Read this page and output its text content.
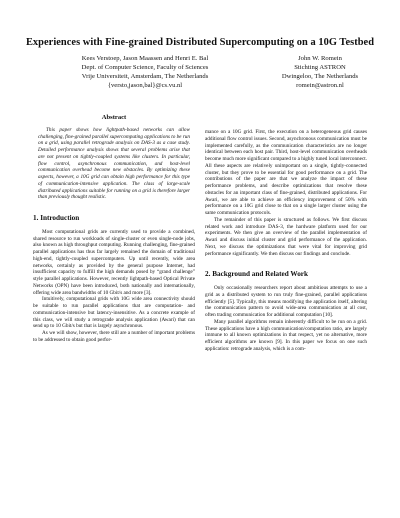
Experiences with Fine-grained Distributed Supercomputing on a 10G Testbed
Kees Verstoep, Jason Maassen and Henri E. Bal
Dept. of Computer Science, Faculty of Sciences
Vrije Universiteit, Amsterdam, The Netherlands
{versto,jason,bal}@cs.vu.nl
John W. Romein
Stichting ASTRON
Dwingeloo, The Netherlands
romein@astron.nl
Abstract

This paper shows how lightpath-based networks can allow challenging, fine-grained parallel supercomputing applications to be run on a grid, using parallel retrograde analysis on DAS-3 as a case study. Detailed performance analysis shows that several problems arise that are not present on tightly-coupled systems like clusters. In particular, flow control, asynchronous communication, and host-level communication overhead become new obstacles. By optimizing these aspects, however, a 10G grid can obtain high performance for this type of communication-intensive application. The class of large-scale distributed applications suitable for running on a grid is therefore larger than previously thought realistic.

1. Introduction

Most computational grids are currently used to provide a combined, shared resource to run workloads of single-cluster or even single-node jobs, also known as high throughput computing. Running challenging, fine-grained parallel applications has thus far largely remained the domain of traditional high-end, tightly-coupled supercomputers. Up until recently, wide area networks, certainly as provided by the general purpose Internet, had insufficient capacity to fulfill the high demands posed by “grand challenge” style parallel applications. However, recently lightpath-based Optical Private Networks (OPN) have been introduced, both nationally and internationally, offering wide area bandwidths of 10 Gbit/s and more [3].

Intuitively, computational grids with 10G wide area connectivity should be suitable to run parallel applications that are computation- and communication-intensive but latency-insensitive. As a concrete example of this class, we will study a retrograde analysis application (Awari) that can send up to 10 Gbit/s but that is largely asynchronous.

As we will show, however, there still are a number of important problems to be addressed to obtain good perfor-

mance on a 10G grid. First, the execution on a heterogeneous grid causes additional flow control issues. Second, asynchronous communication must be implemented carefully, as the communication characteristics are no longer identical between each host pair. Third, host-level communication overheads become much more significant compared to a highly tuned local interconnect. All these aspects are relatively unimportant on a single, tightly-connected cluster, but they prove to be essential for good performance on a grid. The contributions of the paper are that we analyze the impact of these performance problems, and describe optimizations that resolve these obstacles for an important class of fine-grained, distributed applications. For Awari, we are able to achieve an efficiency improvement of 50% with performance on a 10G grid close to that on a single larger cluster using the same communication protocols.

The remainder of this paper is structured as follows. We first discuss related work and introduce DAS-3, the hardware platform used for our experiments. We then give an overview of the parallel implementation of Awari and discuss initial cluster and grid performance of the application. Next, we discuss the optimizations that were vital for improving grid performance significantly. We then discuss our findings and conclude.

2. Background and Related Work

Only occasionally researchers report about ambitious attempts to use a grid as a distributed system to run truly fine-grained, parallel applications efficiently [5]. Typically, this means modifying the application itself, altering the communication pattern to avoid wide-area communication at all cost, often trading communication for additional computation [10].

Many parallel algorithms remain inherently difficult to be run on a grid. These applications have a high communication/computation ratio, are largely immune to all known optimizations in that respect, yet no alternative, more efficient algorithms are known [9]. In this paper we focus on one such application: retrograde analysis, which is a com-
